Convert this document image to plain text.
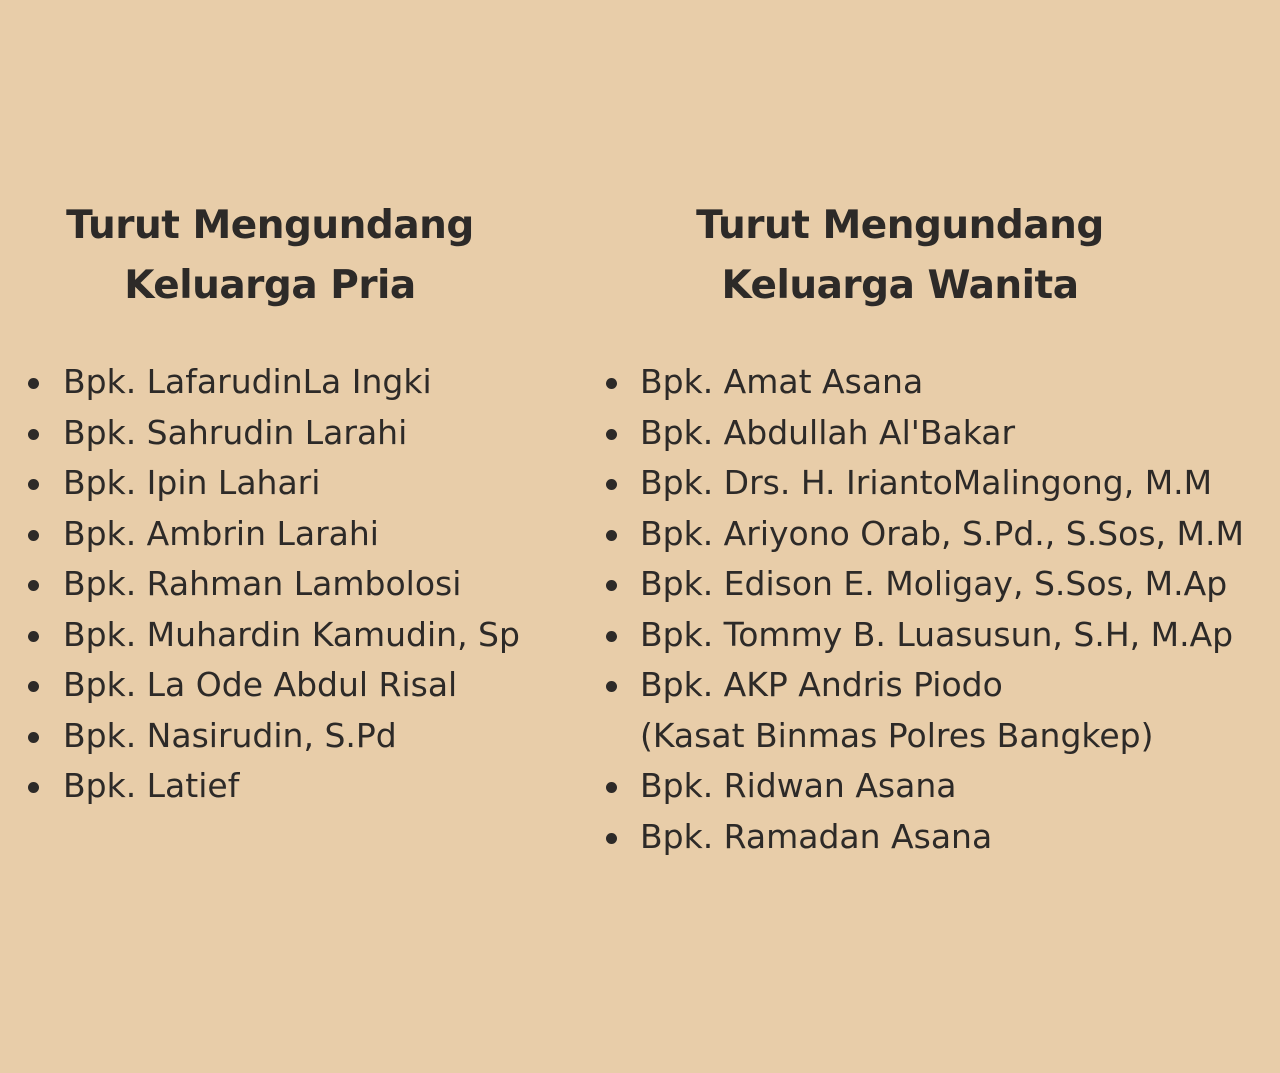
Turut Mengundang
Keluarga Pria
Bpk. LafarudinLa Ingki
Bpk. Sahrudin Larahi
Bpk. Ipin Lahari
Bpk. Ambrin Larahi
Bpk. Rahman Lambolosi
Bpk. Muhardin Kamudin, Sp
Bpk. La Ode Abdul Risal
Bpk. Nasirudin, S.Pd
Bpk. Latief
Turut Mengundang
Keluarga Wanita
Bpk. Amat Asana
Bpk. Abdullah Al'Bakar
Bpk. Drs. H. IriantoMalingong, M.M
Bpk. Ariyono Orab, S.Pd., S.Sos, M.M
Bpk. Edison E. Moligay, S.Sos, M.Ap
Bpk. Tommy B. Luasusun, S.H, M.Ap
Bpk. AKP Andris Piodo
(Kasat Binmas Polres Bangkep)
Bpk. Ridwan Asana
Bpk. Ramadan Asana
